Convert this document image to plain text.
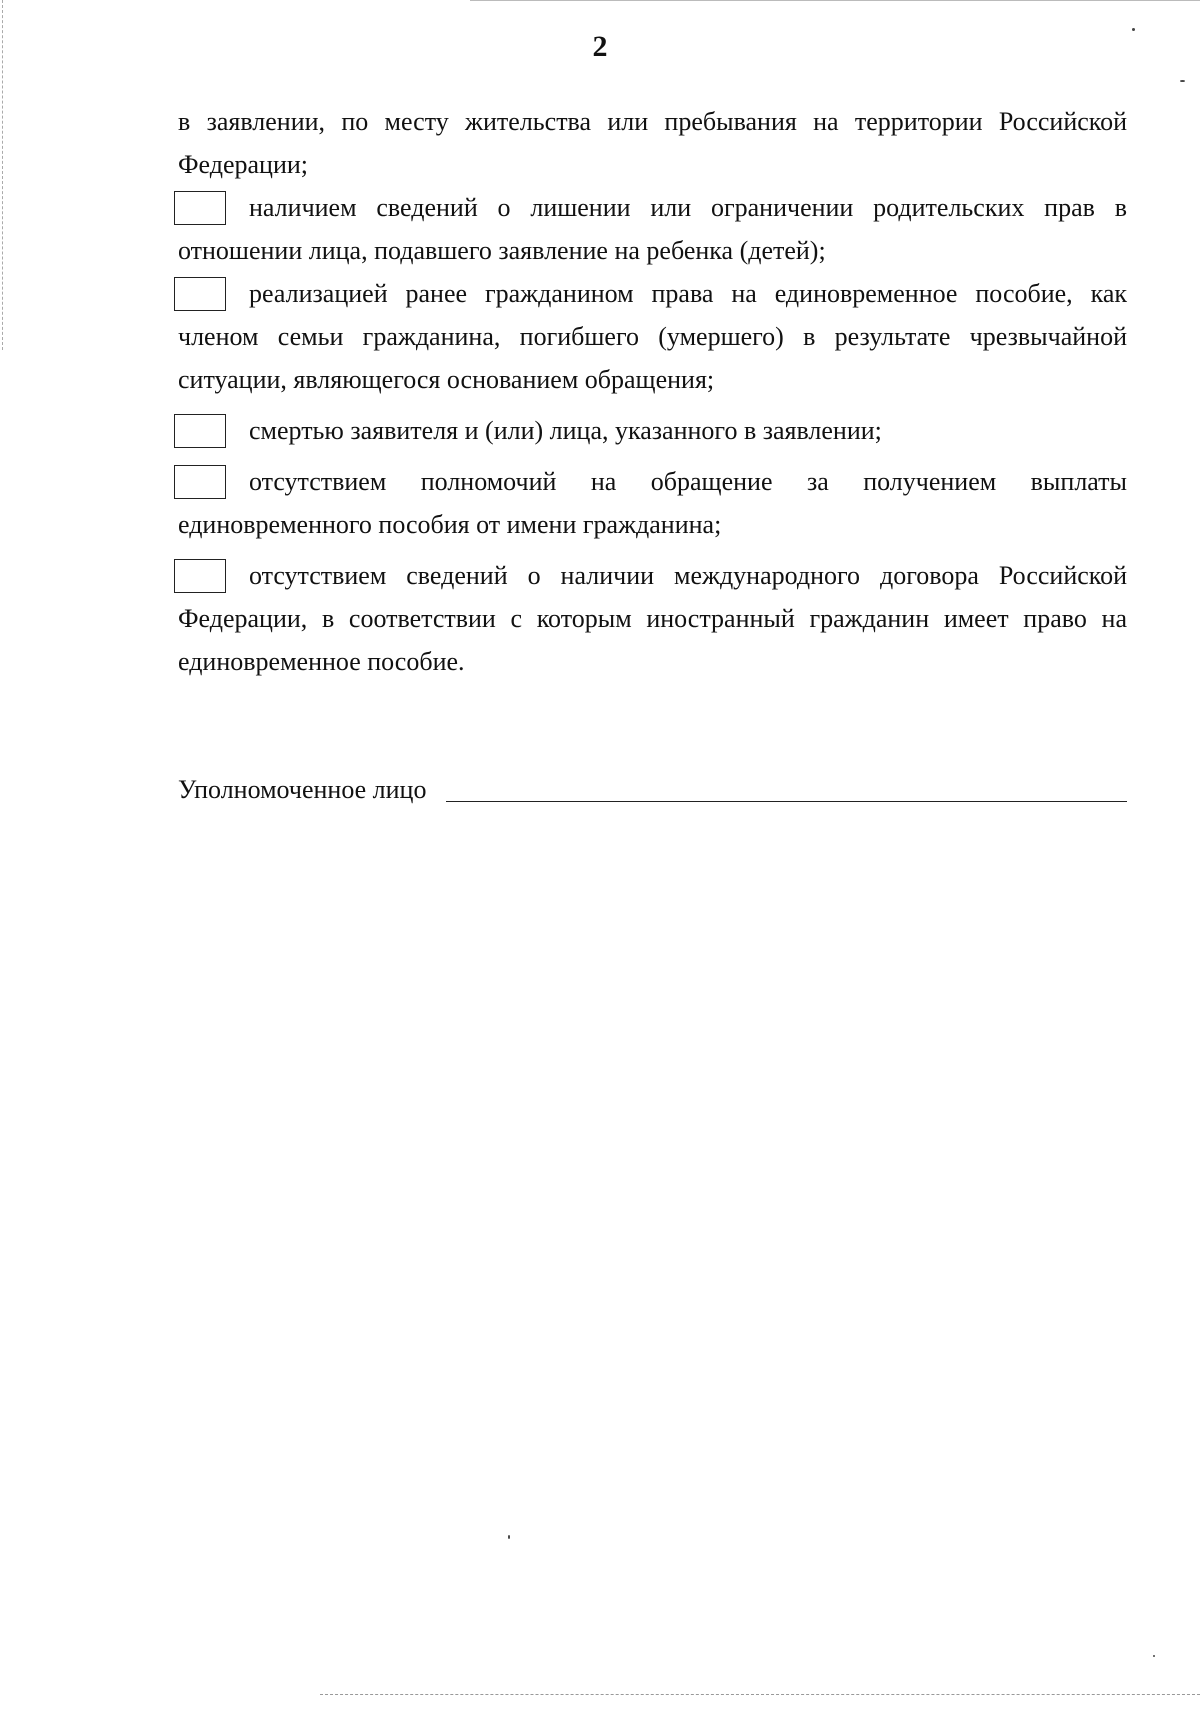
2

в заявлении, по месту жительства или пребывания на территории Российской Федерации;

наличием сведений о лишении или ограничении родительских прав в отношении лица, подавшего заявление на ребенка (детей);
реализацией ранее гражданином права на единовременное пособие, как членом семьи гражданина, погибшего (умершего) в результате чрезвычайной ситуации, являющегося основанием обращения;
смертью заявителя и (или) лица, указанного в заявлении;
отсутствием полномочий на обращение за получением выплаты единовременного пособия от имени гражданина;
отсутствием сведений о наличии международного договора Российской Федерации, в соответствии с которым иностранный гражданин имеет право на единовременное пособие.
Уполномоченное лицо
